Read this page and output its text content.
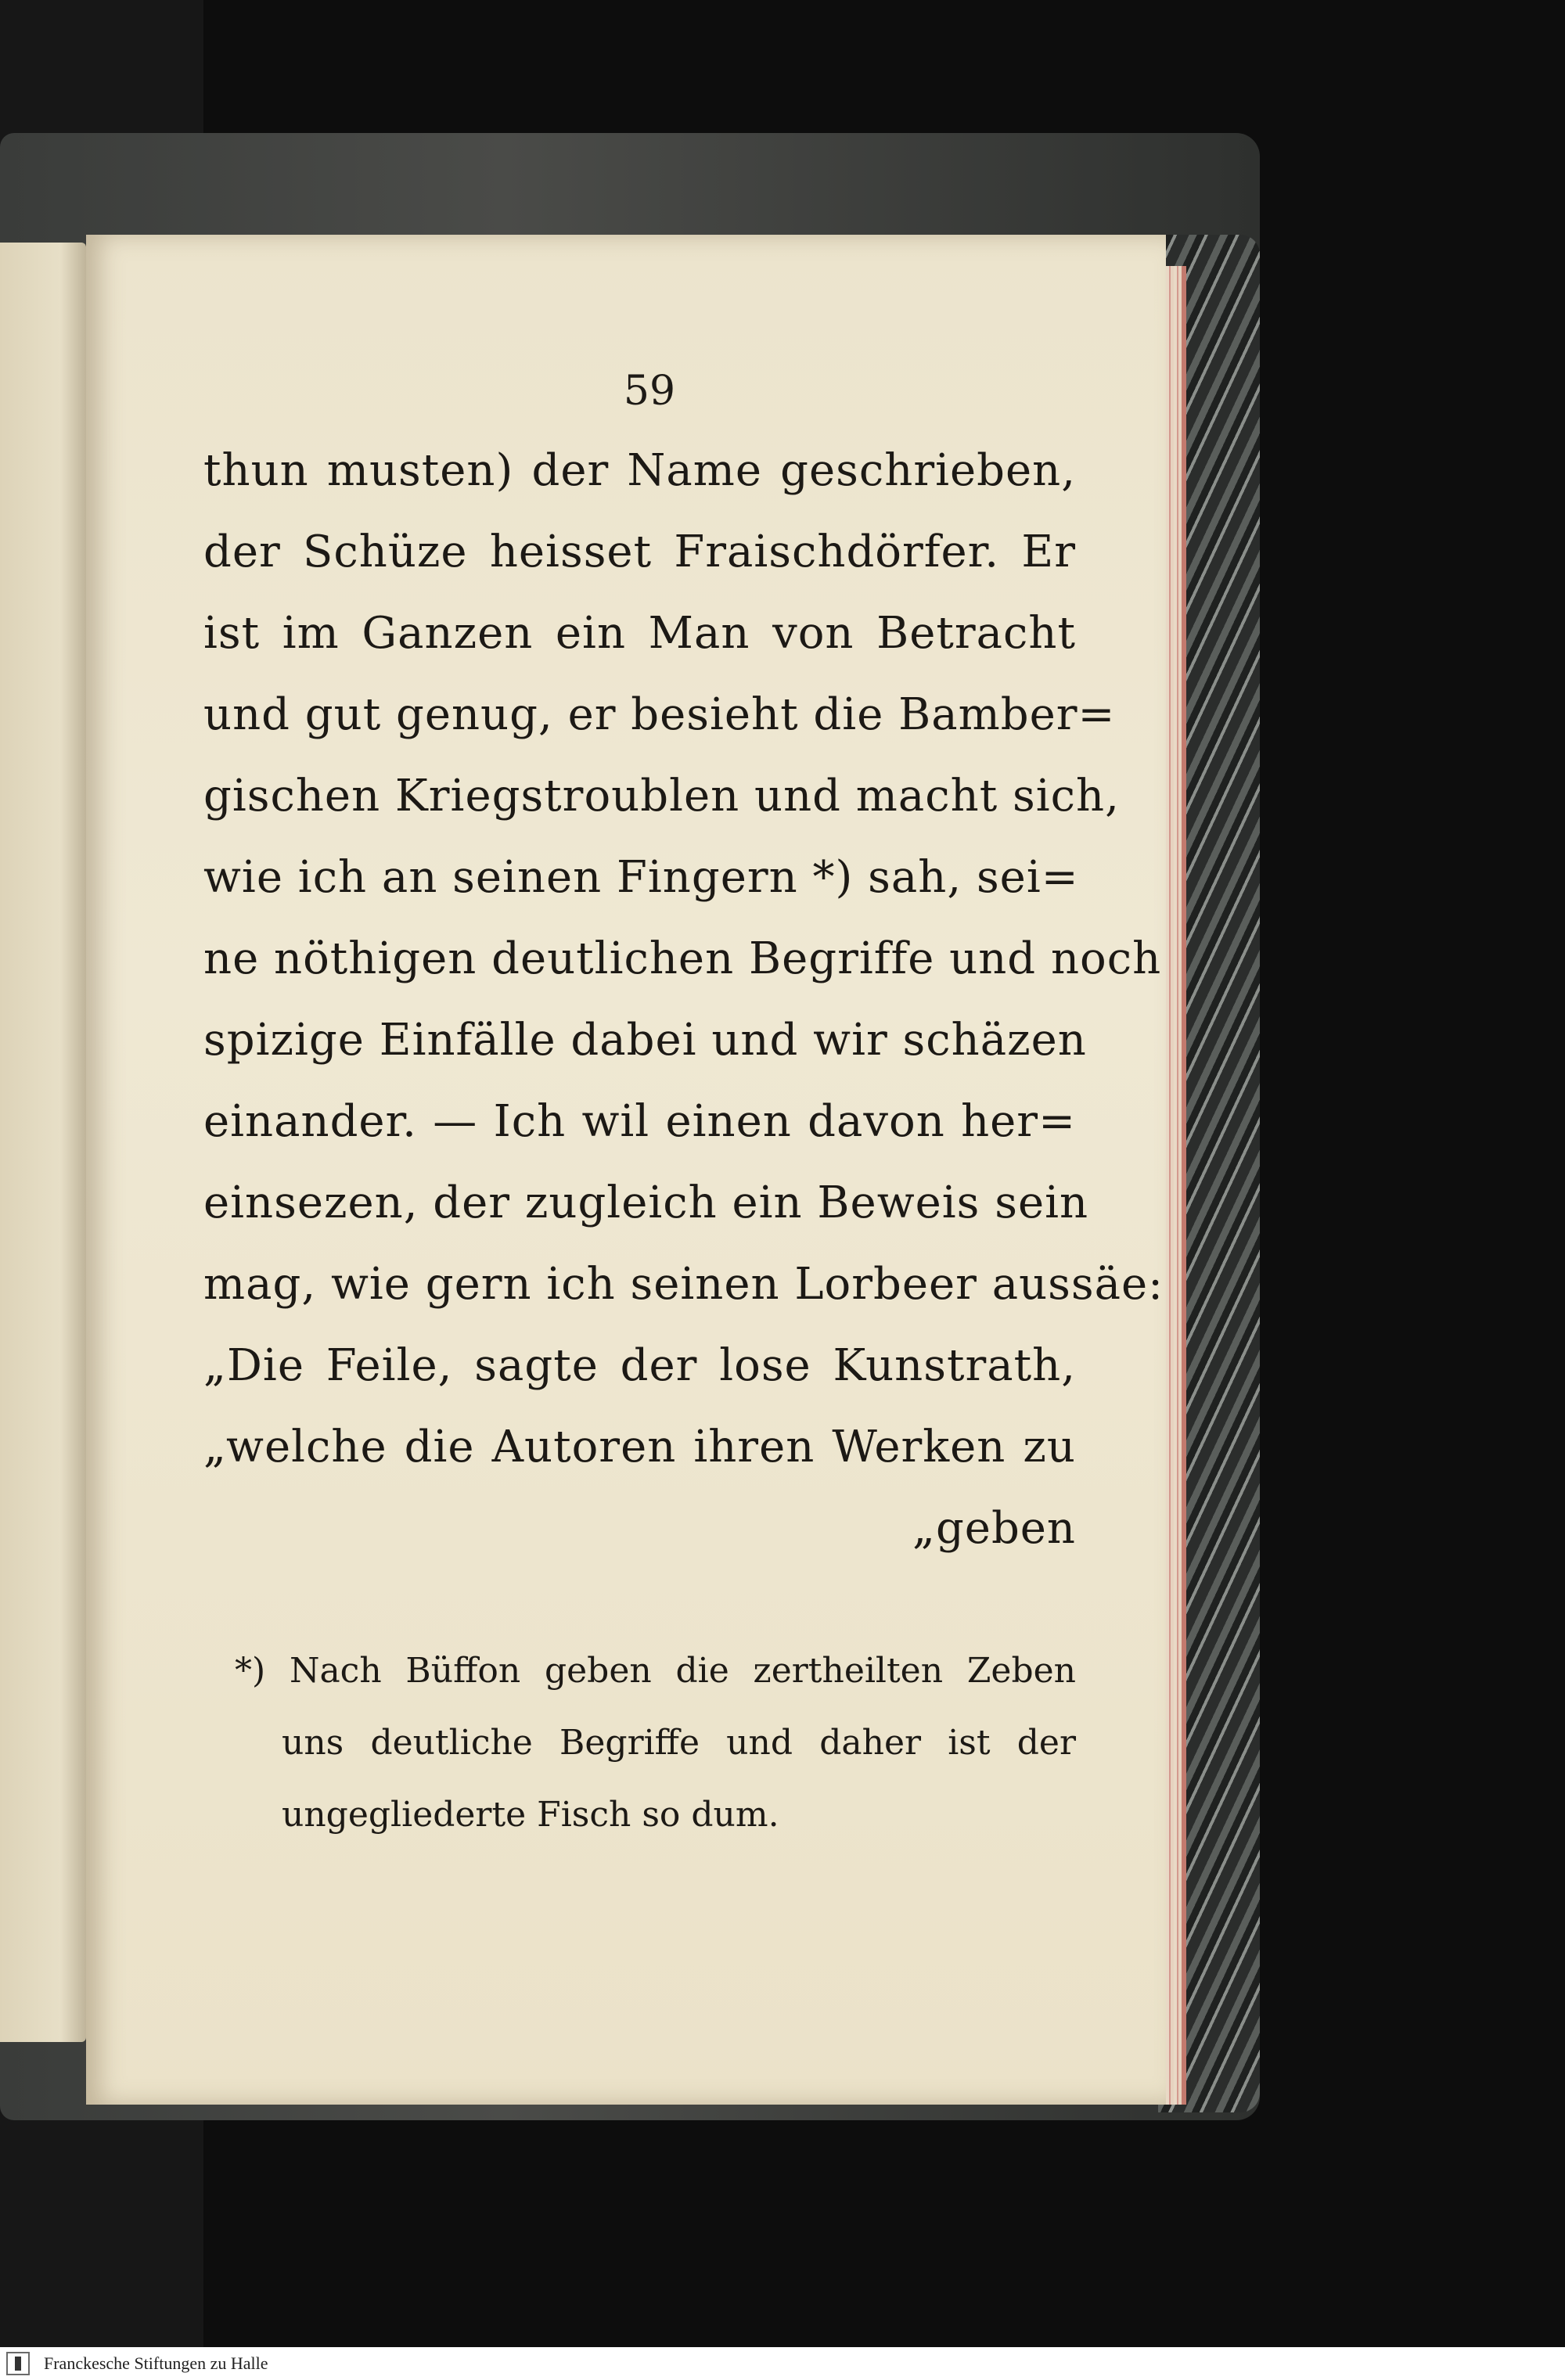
59
thun musten) der Name geschrieben,
der Schüze heisset Fraischdörfer. Er
ist im Ganzen ein Man von Betracht
und gut genug, er besieht die Bamber=
gischen Kriegstroublen und macht sich,
wie ich an seinen Fingern *) sah, sei=
ne nöthigen deutlichen Begriffe und noch
spizige Einfälle dabei und wir schäzen
einander. — Ich wil einen davon her=
einsezen, der zugleich ein Beweis sein
mag, wie gern ich seinen Lorbeer aussäe:
„Die Feile, sagte der lose Kunstrath,
„welche die Autoren ihren Werken zu
„geben
*) Nach Büffon geben die zertheilten Zeben
uns deutliche Begriffe und daher ist der
ungegliederte Fisch so dum.
Franckesche Stiftungen zu Halle
